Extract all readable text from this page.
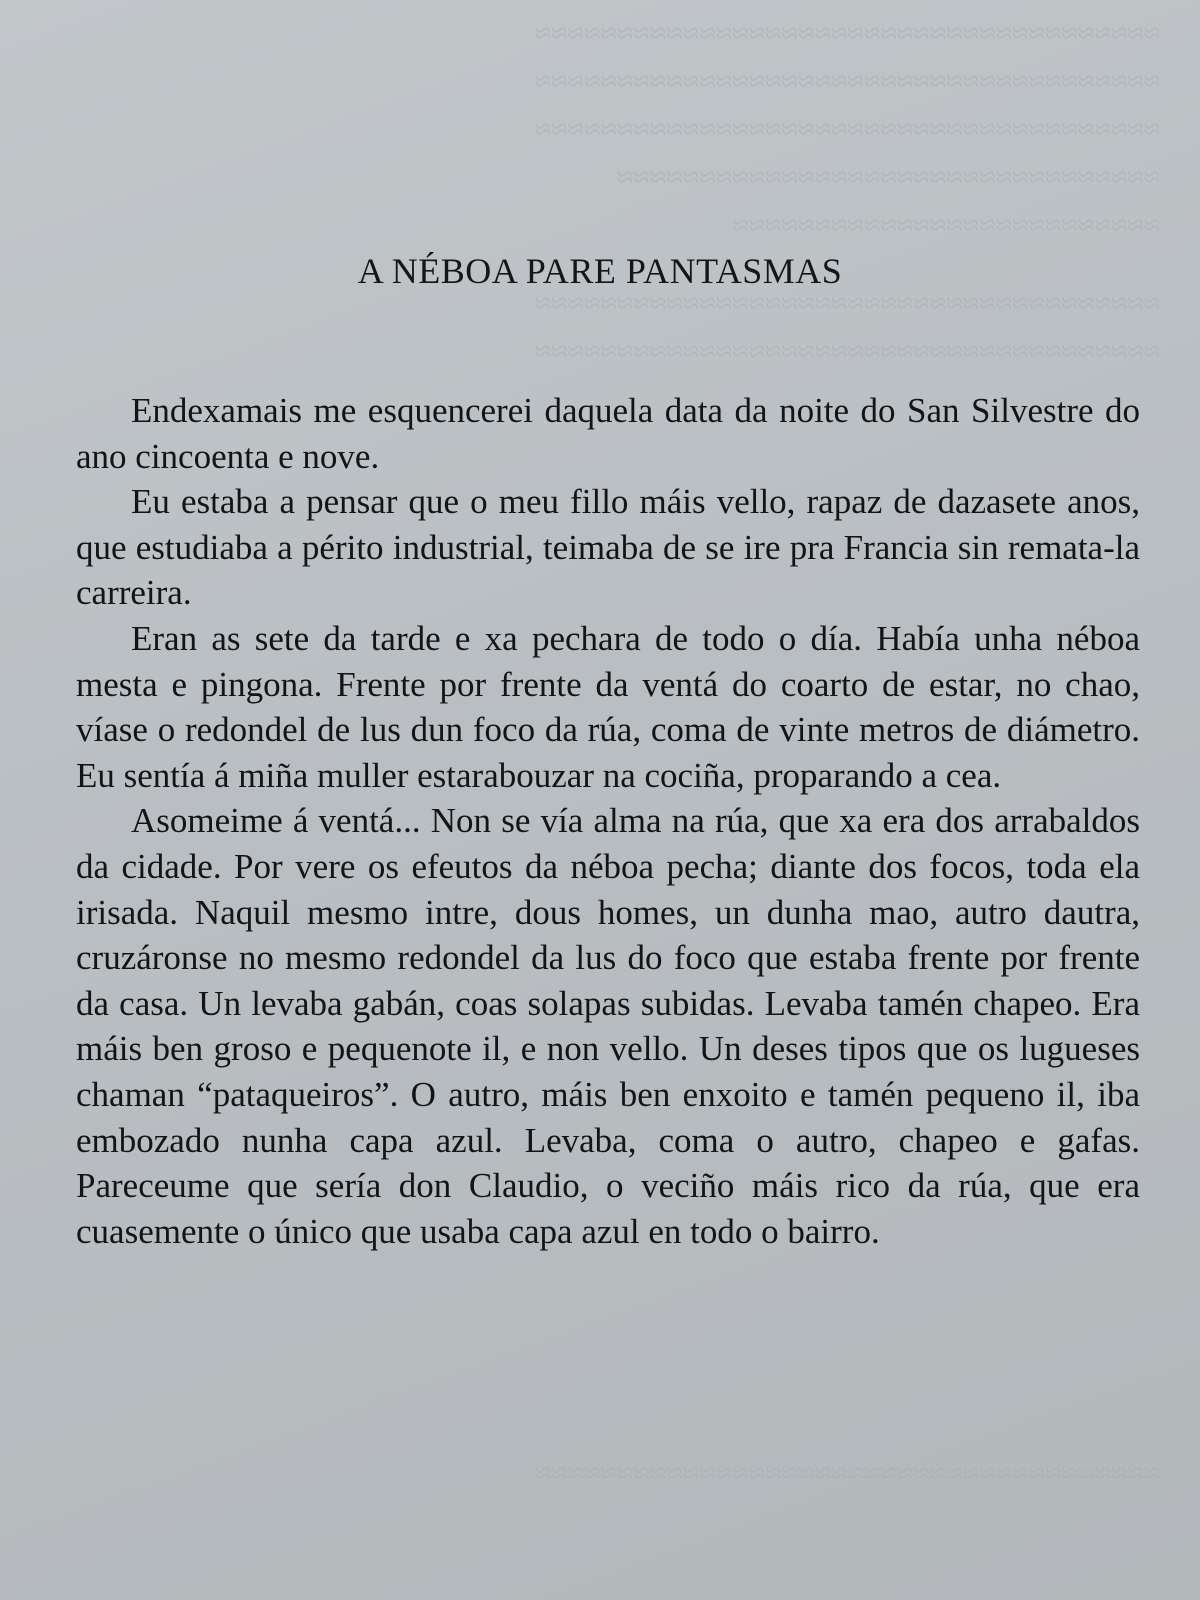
≈≈≈≈≈≈≈≈≈≈≈≈≈≈≈≈≈≈≈≈≈≈≈≈≈≈≈≈≈≈≈≈≈≈≈≈≈≈
≈≈≈≈≈≈≈≈≈≈≈≈≈≈≈≈≈≈≈≈≈≈≈≈≈≈≈≈≈≈≈≈≈≈≈≈≈≈
≈≈≈≈≈≈≈≈≈≈≈≈≈≈≈≈≈≈≈≈≈≈≈≈≈≈≈≈≈≈≈≈≈≈≈≈≈≈
≈≈≈≈≈≈≈≈≈≈≈≈≈≈≈≈≈≈≈≈≈≈≈≈≈≈≈≈≈≈≈≈≈
≈≈≈≈≈≈≈≈≈≈≈≈≈≈≈≈≈≈≈≈≈≈≈≈≈≈
≈≈≈≈≈≈≈≈≈≈≈≈≈≈≈≈≈≈≈≈≈≈≈≈≈≈≈≈≈≈≈≈≈≈≈≈≈≈
≈≈≈≈≈≈≈≈≈≈≈≈≈≈≈≈≈≈≈≈≈≈≈≈≈≈≈≈≈≈≈≈≈≈≈≈≈≈
≈≈≈≈≈≈≈≈≈≈≈≈≈≈≈≈≈≈≈≈≈≈≈≈≈≈≈≈≈≈≈≈≈≈≈≈≈≈
A NÉBOA PARE PANTASMAS

Endexamais me esquencerei daquela data da noite do San Silvestre do ano cincoenta e nove.

Eu estaba a pensar que o meu fillo máis vello, rapaz de dazasete anos, que estudiaba a périto industrial, teimaba de se ire pra Francia sin remata-la carreira.

Eran as sete da tarde e xa pechara de todo o día. Había unha néboa mesta e pingona. Frente por frente da ventá do coarto de estar, no chao, víase o redondel de lus dun foco da rúa, coma de vinte metros de diámetro. Eu sentía á miña muller estarabouzar na cociña, proparando a cea.

Asomeime á ventá... Non se vía alma na rúa, que xa era dos arrabaldos da cidade. Por vere os efeutos da néboa pecha; diante dos focos, toda ela irisada. Naquil mesmo intre, dous homes, un dunha mao, autro dautra, cruzáronse no mesmo redondel da lus do foco que estaba frente por frente da casa. Un levaba gabán, coas solapas subidas. Levaba tamén chapeo. Era máis ben groso e pequenote il, e non vello. Un deses tipos que os lugueses chaman “pataqueiros”. O autro, máis ben enxoito e tamén pequeno il, iba embozado nunha capa azul. Levaba, coma o autro, chapeo e gafas. Pareceume que sería don Claudio, o veciño máis rico da rúa, que era cuasemente o único que usaba capa azul en todo o bairro.
